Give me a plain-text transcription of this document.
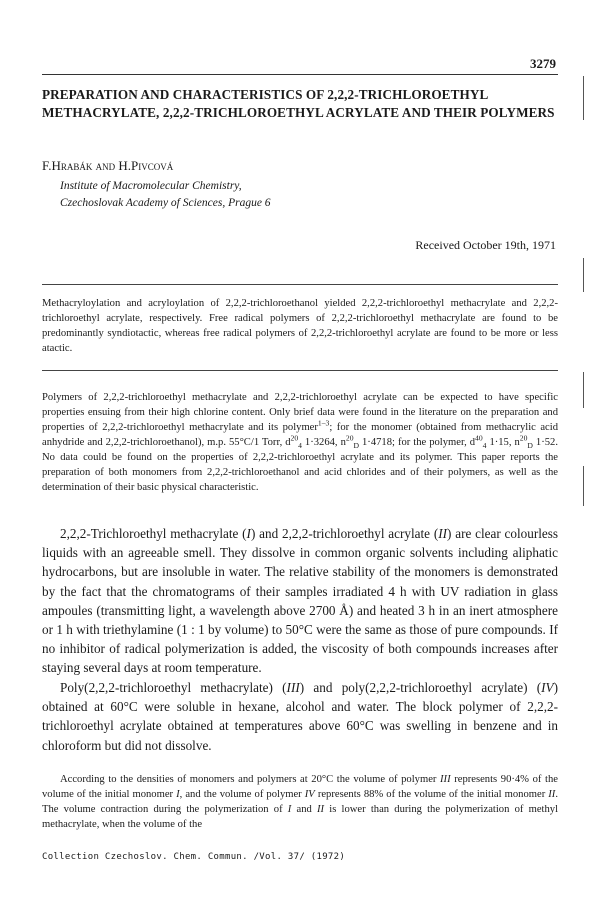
3279
PREPARATION AND CHARACTERISTICS OF 2,2,2-TRICHLOROETHYL METHACRYLATE, 2,2,2-TRICHLOROETHYL ACRYLATE AND THEIR POLYMERS
F.Hrabák and H.Pivcová
Institute of Macromolecular Chemistry,
Czechoslovak Academy of Sciences, Prague 6
Received October 19th, 1971

Methacryloylation and acryloylation of 2,2,2-trichloroethanol yielded 2,2,2-trichloroethyl methacrylate and 2,2,2-trichloroethyl acrylate, respectively. Free radical polymers of 2,2,2-trichloroethyl methacrylate are found to be predominantly syndiotactic, whereas free radical polymers of 2,2,2-trichloroethyl acrylate are found to be more or less atactic.

Polymers of 2,2,2-trichloroethyl methacrylate and 2,2,2-trichloroethyl acrylate can be expected to have specific properties ensuing from their high chlorine content. Only brief data were found in the literature on the preparation and properties of 2,2,2-trichloroethyl methacrylate and its polymer$^{1-3}$; for the monomer (obtained from methacrylic acid anhydride and 2,2,2-trichloroethanol), m.p. 55°C/1 Torr, $d^{20}_4$ 1·3264, $n^{20}_D$ 1·4718; for the polymer, $d^{40}_4$ 1·15, $n^{20}_D$ 1·52. No data could be found on the properties of 2,2,2-trichloroethyl acrylate and its polymer. This paper reports the preparation of both monomers from 2,2,2-trichloroethanol and acid chlorides and of their polymers, as well as the determination of their basic physical characteristic.

2,2,2-Trichloroethyl methacrylate (I) and 2,2,2-trichloroethyl acrylate (II) are clear colourless liquids with an agreeable smell. They dissolve in common organic solvents including aliphatic hydrocarbons, but are insoluble in water. The relative stability of the monomers is demonstrated by the fact that the chromatograms of their samples irradiated 4 h with UV radiation in glass ampoules (transmitting light, a wavelength above 2700 Å) and heated 3 h in an inert atmosphere or 1 h with triethylamine (1 : 1 by volume) to 50°C were the same as those of pure compounds. If no inhibitor of radical polymerization is added, the viscosity of both compounds increases after staying several days at room temperature.

Poly(2,2,2-trichloroethyl methacrylate) (III) and poly(2,2,2-trichloroethyl acrylate) (IV) obtained at 60°C were soluble in hexane, alcohol and water. The block polymer of 2,2,2-trichloroethyl acrylate obtained at temperatures above 60°C was swelling in benzene and in chloroform but did not dissolve.

According to the densities of monomers and polymers at 20°C the volume of polymer III represents 90·4% of the volume of the initial monomer I, and the volume of polymer IV represents 88% of the volume of the initial monomer II. The volume contraction during the polymerization of I and II is lower than during the polymerization of methyl methacrylate, when the volume of the

Collection Czechoslov. Chem. Commun. /Vol. 37/ (1972)
